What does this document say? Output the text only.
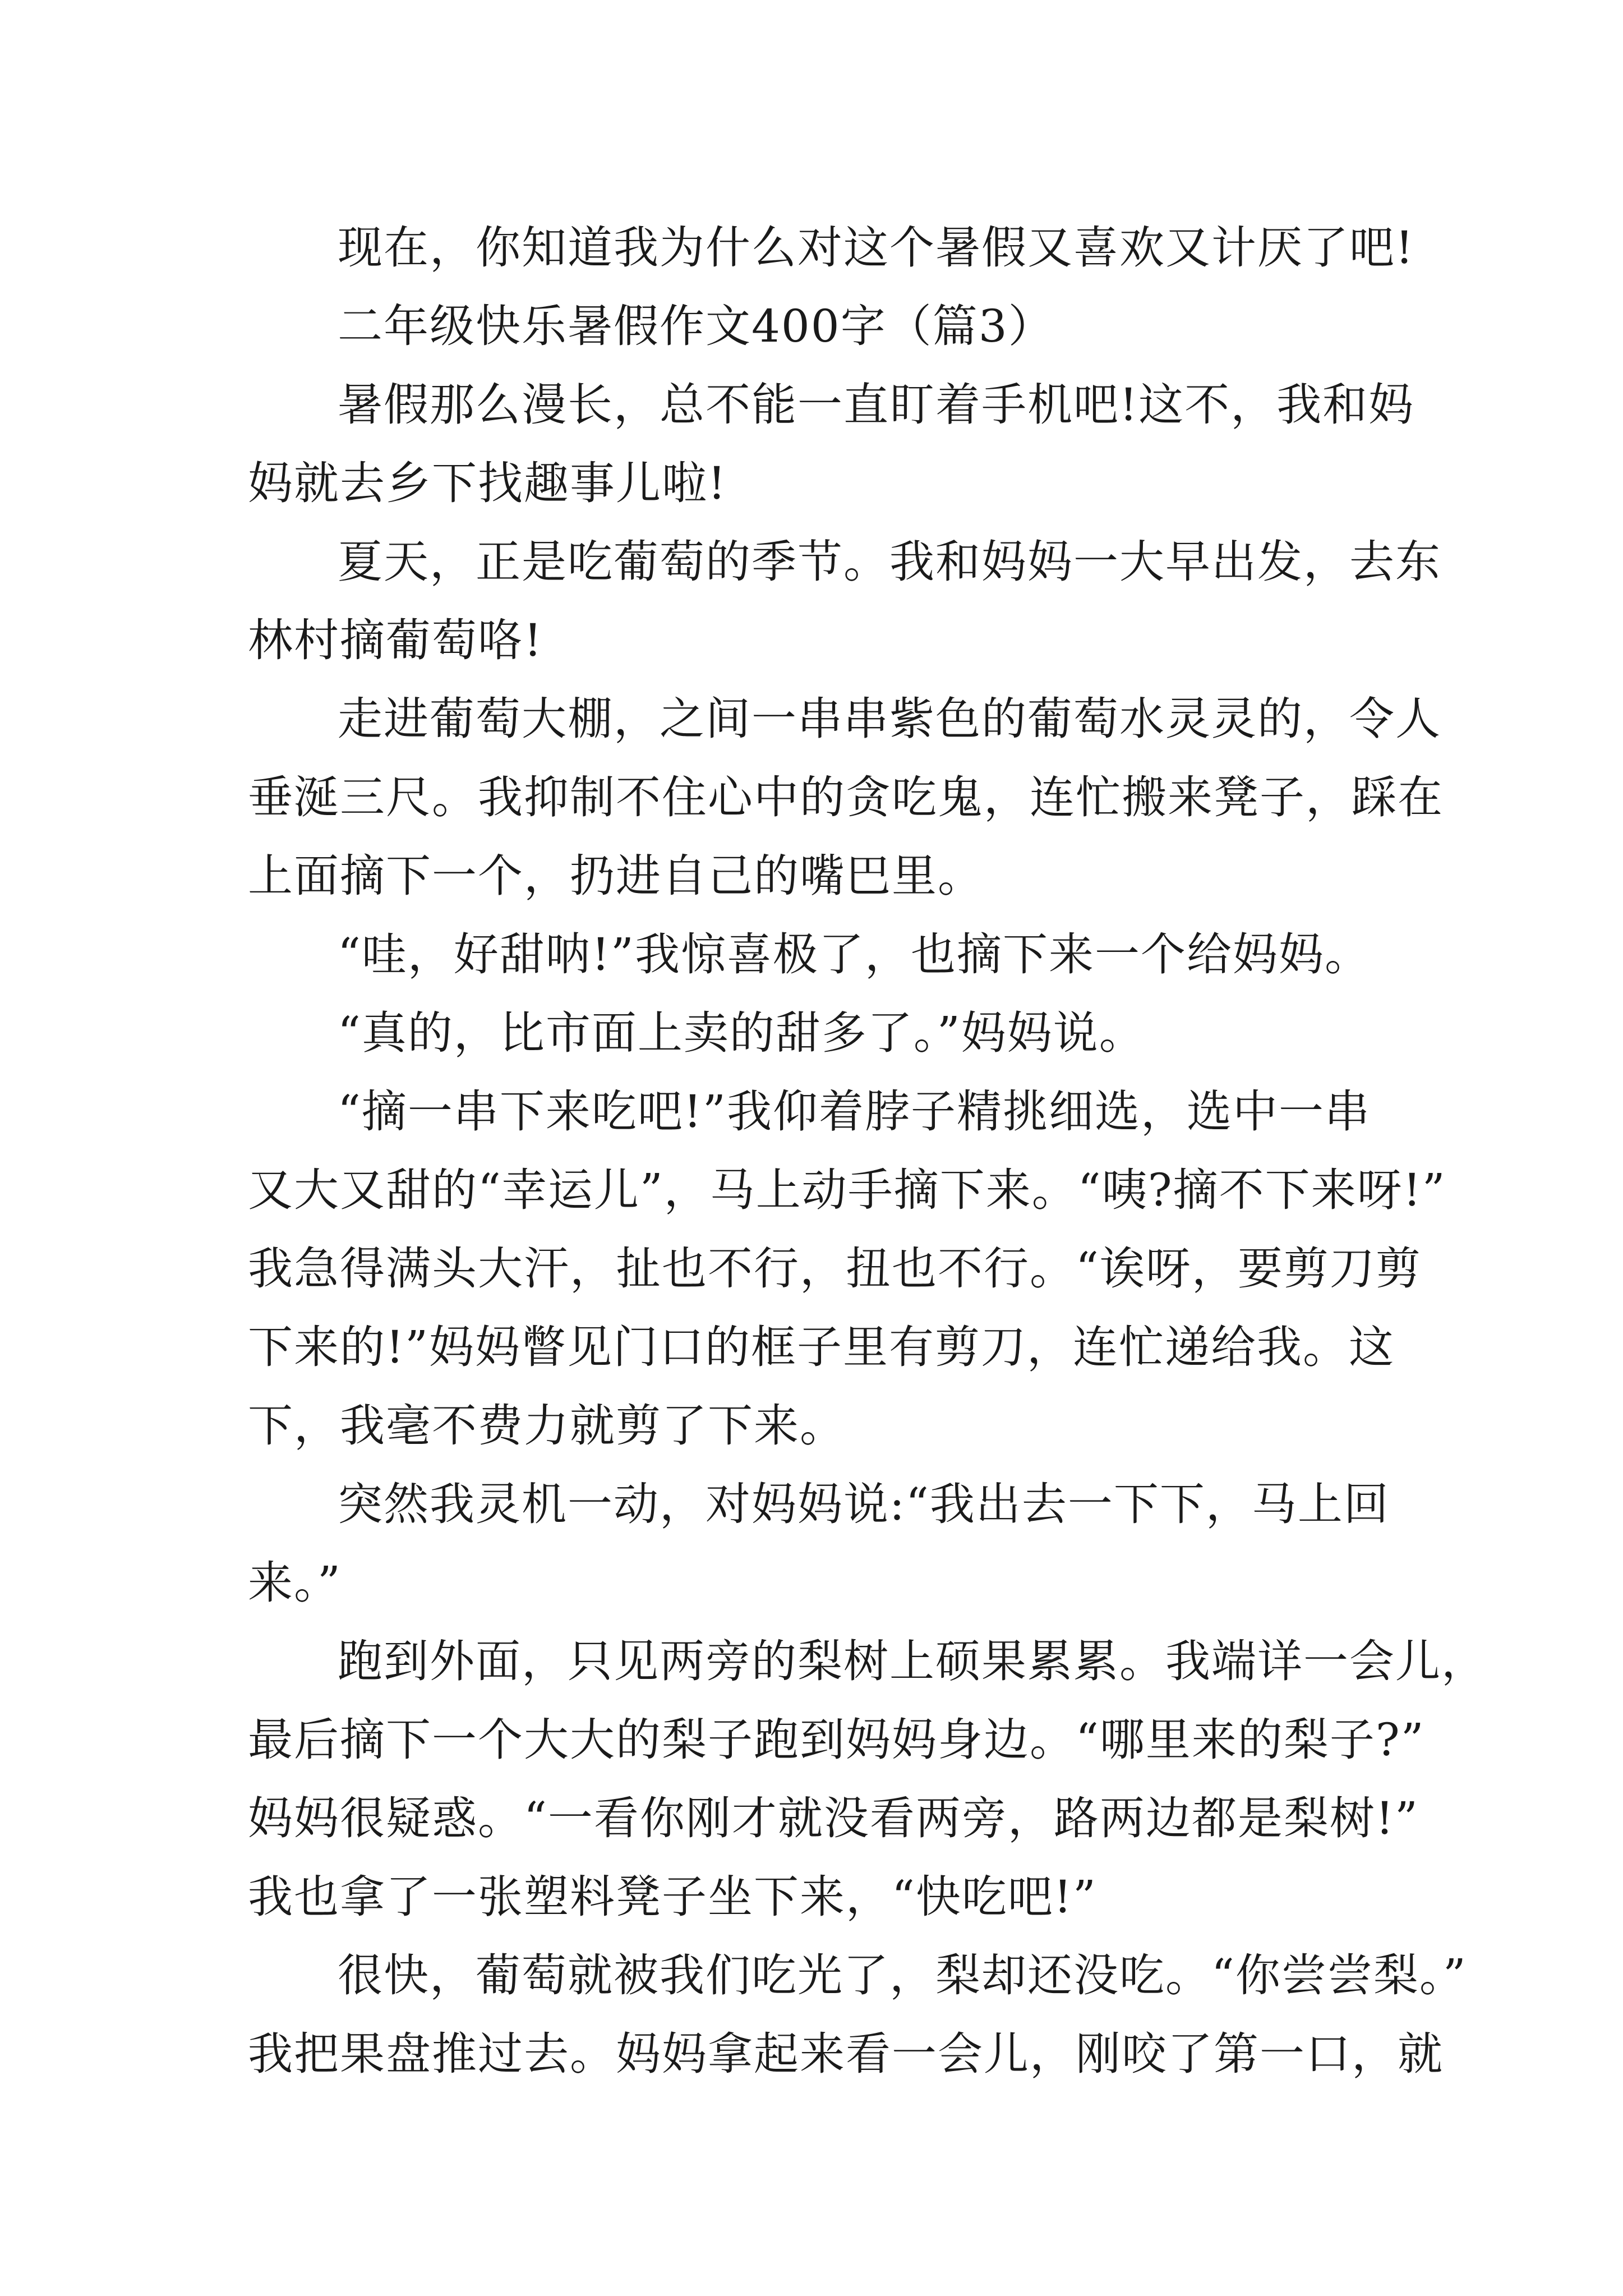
现在，你知道我为什么对这个暑假又喜欢又计厌了吧!
二年级快乐暑假作文400字（篇3）
暑假那么漫长，总不能一直盯着手机吧!这不，我和妈
妈就去乡下找趣事儿啦!
夏天，正是吃葡萄的季节。我和妈妈一大早出发，去东
林村摘葡萄咯!
走进葡萄大棚，之间一串串紫色的葡萄水灵灵的，令人
垂涎三尺。我抑制不住心中的贪吃鬼，连忙搬来凳子，踩在
上面摘下一个，扔进自己的嘴巴里。
“哇，好甜呐!”我惊喜极了，也摘下来一个给妈妈。
“真的，比市面上卖的甜多了。”妈妈说。
“摘一串下来吃吧!”我仰着脖子精挑细选，选中一串
又大又甜的“幸运儿”，马上动手摘下来。“咦?摘不下来呀!”
我急得满头大汗，扯也不行，扭也不行。“诶呀，要剪刀剪
下来的!”妈妈瞥见门口的框子里有剪刀，连忙递给我。这
下，我毫不费力就剪了下来。
突然我灵机一动，对妈妈说:“我出去一下下，马上回
来。”
跑到外面，只见两旁的梨树上硕果累累。我端详一会儿，
最后摘下一个大大的梨子跑到妈妈身边。“哪里来的梨子?”
妈妈很疑惑。“一看你刚才就没看两旁，路两边都是梨树!”
我也拿了一张塑料凳子坐下来，“快吃吧!”
很快，葡萄就被我们吃光了，梨却还没吃。“你尝尝梨。”
我把果盘推过去。妈妈拿起来看一会儿，刚咬了第一口，就
